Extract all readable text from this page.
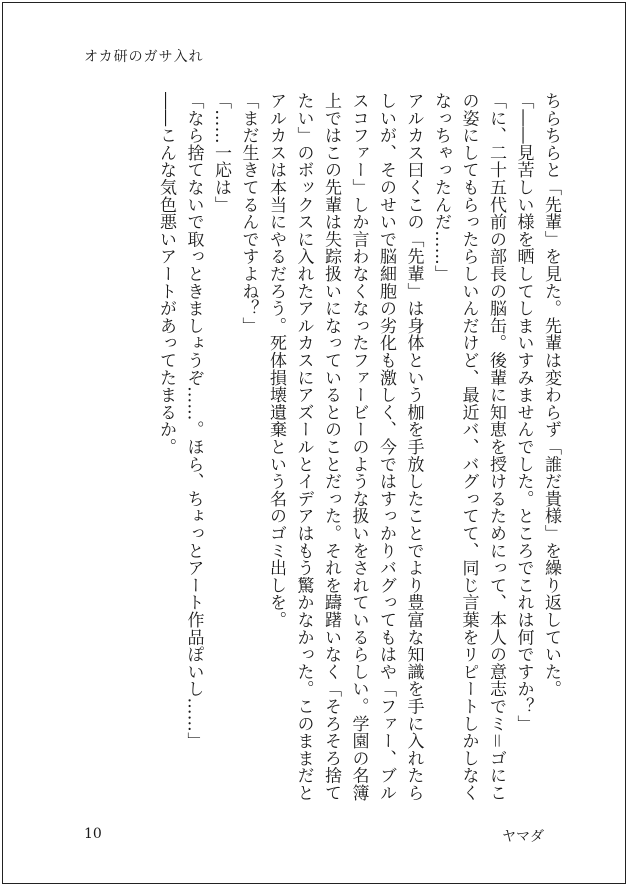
オカ研のガサ入れ

ちらちらと「先輩」を見た。先輩は変わらず「誰だ貴様」を繰り返していた。

「――見苦しい様を晒してしまいすみませんでした。ところでこれは何ですか？」

「に、二十五代前の部長の脳缶。後輩に知恵を授けるためにって、本人の意志でミ＝ゴにこの姿にしてもらったらしいんだけど、最近バ、バグってて、同じ言葉をリピートしかしなくなっちゃったんだ……」

アルカス曰くこの「先輩」は身体という枷を手放したことでより豊富な知識を手に入れたらしいが、そのせいで脳細胞の劣化も激しく、今ではすっかりバグってもはや「ファー、ブルスコファー」しか言わなくなったファービーのような扱いをされているらしい。学園の名簿上ではこの先輩は失踪扱いになっているとのことだった。それを躊躇いなく「そろそろ捨てたい」のボックスに入れたアルカスにアズールとイデアはもう驚かなかった。このままだとアルカスは本当にやるだろう。死体損壊遺棄という名のゴミ出しを。

「まだ生きてるんですよね？」

「……一応は」

「なら捨てないで取っときましょうぞ……。ほら、ちょっとアート作品ぽいし……」

――こんな気色悪いアートがあってたまるか。

10	ヤマダ
